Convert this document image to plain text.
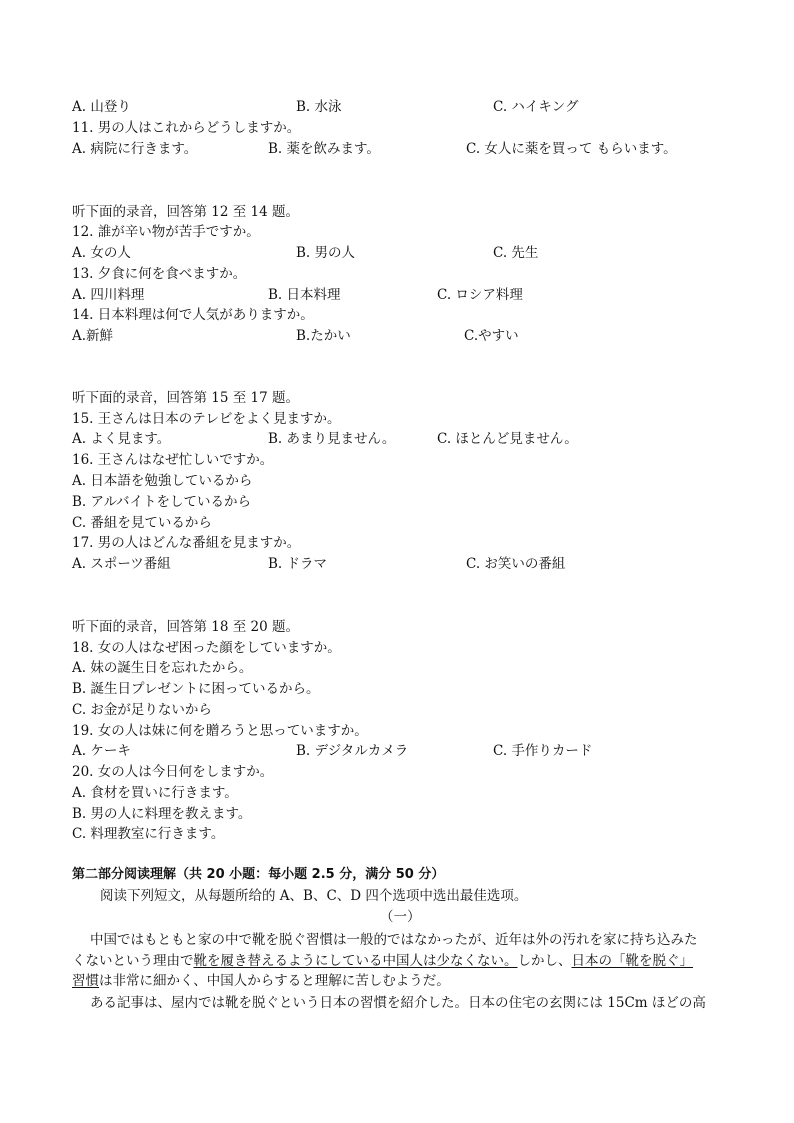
A. 山登り	B. 水泳	C. ハイキング
11. 男の人はこれからどうしますか。
A. 病院に行きます。	B. 薬を飲みます。	C. 女人に薬を買って もらいます。
听下面的录音，回答第 12 至 14 题。
12. 誰が辛い物が苦手ですか。
A. 女の人	B. 男の人	C. 先生
13. 夕食に何を食べますか。
A. 四川料理	B. 日本料理	C. ロシア料理
14. 日本料理は何で人気がありますか。
A.新鮮	B.たかい	C.やすい
听下面的录音，回答第 15 至 17 题。
15. 王さんは日本のテレビをよく見ますか。
A. よく見ます。	B. あまり見ません。	C. ほとんど見ません。
16. 王さんはなぜ忙しいですか。
A. 日本語を勉強しているから
B. アルバイトをしているから
C. 番組を見ているから
17. 男の人はどんな番組を見ますか。
A. スポーツ番組	B. ドラマ	C. お笑いの番組
听下面的录音，回答第 18 至 20 题。
18. 女の人はなぜ困った顔をしていますか。
A. 妹の誕生日を忘れたから。
B. 誕生日プレゼントに困っているから。
C. お金が足りないから
19. 女の人は妹に何を贈ろうと思っていますか。
A. ケーキ	B. デジタルカメラ	C. 手作りカード
20. 女の人は今日何をしますか。
A. 食材を買いに行きます。
B. 男の人に料理を教えます。
C. 料理教室に行きます。
第二部分阅读理解（共 20 小题：每小题 2.5 分，满分 50 分）
阅读下列短文，从每题所给的 A、B、C、D 四个选项中选出最佳选项。
（一）
中国ではもともと家の中で靴を脱ぐ習慣は一般的ではなかったが、近年は外の汚れを家に持ち込みた
くないという理由で靴を履き替えるようにしている中国人は少なくない。しかし、日本の「靴を脱ぐ」
習慣は非常に細かく、中国人からすると理解に苦しむようだ。
ある記事は、屋内では靴を脱ぐという日本の習慣を紹介した。日本の住宅の玄関には 15Cm ほどの高
